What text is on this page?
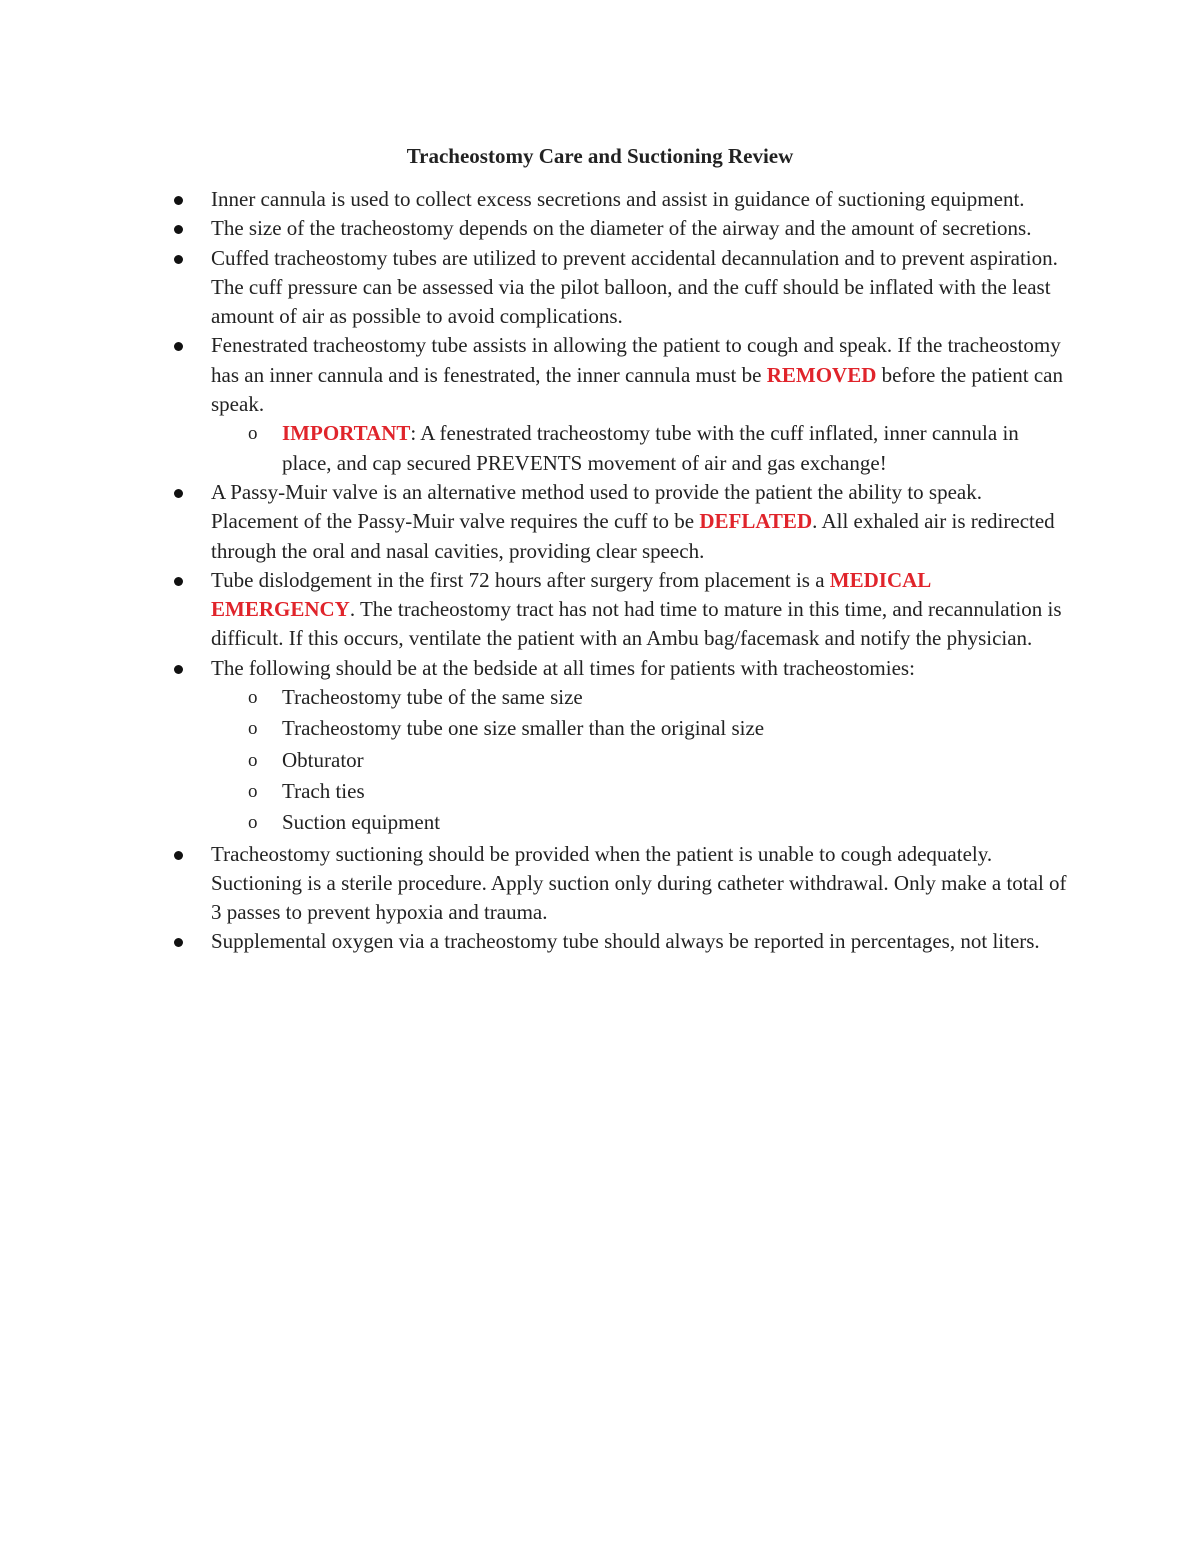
Tracheostomy Care and Suctioning Review
Inner cannula is used to collect excess secretions and assist in guidance of suctioning equipment.
The size of the tracheostomy depends on the diameter of the airway and the amount of secretions.
Cuffed tracheostomy tubes are utilized to prevent accidental decannulation and to prevent aspiration. The cuff pressure can be assessed via the pilot balloon, and the cuff should be inflated with the least amount of air as possible to avoid complications.
Fenestrated tracheostomy tube assists in allowing the patient to cough and speak. If the tracheostomy has an inner cannula and is fenestrated, the inner cannula must be REMOVED before the patient can speak.
o IMPORTANT: A fenestrated tracheostomy tube with the cuff inflated, inner cannula in place, and cap secured PREVENTS movement of air and gas exchange!
A Passy-Muir valve is an alternative method used to provide the patient the ability to speak. Placement of the Passy-Muir valve requires the cuff to be DEFLATED. All exhaled air is redirected through the oral and nasal cavities, providing clear speech.
Tube dislodgement in the first 72 hours after surgery from placement is a MEDICAL EMERGENCY. The tracheostomy tract has not had time to mature in this time, and recannulation is difficult. If this occurs, ventilate the patient with an Ambu bag/facemask and notify the physician.
The following should be at the bedside at all times for patients with tracheostomies:
o Tracheostomy tube of the same size
o Tracheostomy tube one size smaller than the original size
o Obturator
o Trach ties
o Suction equipment
Tracheostomy suctioning should be provided when the patient is unable to cough adequately. Suctioning is a sterile procedure. Apply suction only during catheter withdrawal. Only make a total of 3 passes to prevent hypoxia and trauma.
Supplemental oxygen via a tracheostomy tube should always be reported in percentages, not liters.
